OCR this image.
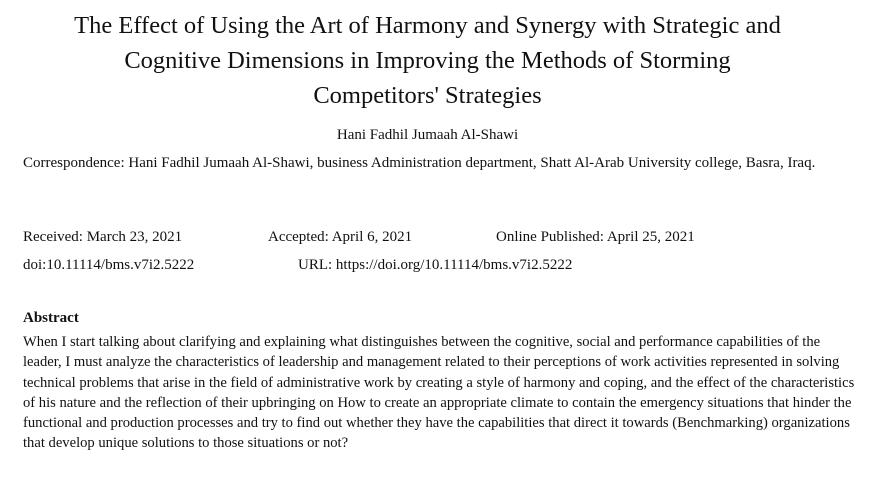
The Effect of Using the Art of Harmony and Synergy with Strategic and
Cognitive Dimensions in Improving the Methods of Storming
Competitors' Strategies
Hani Fadhil Jumaah Al-Shawi
Correspondence: Hani Fadhil Jumaah Al-Shawi, business Administration department, Shatt Al-Arab University college, Basra, Iraq.
Received: March 23, 2021	Accepted: April 6, 2021	Online Published: April 25, 2021
doi:10.11114/bms.v7i2.5222	URL: https://doi.org/10.11114/bms.v7i2.5222
Abstract
When I start talking about clarifying and explaining what distinguishes between the cognitive, social and performance capabilities of the leader, I must analyze the characteristics of leadership and management related to their perceptions of work activities represented in solving technical problems that arise in the field of administrative work by creating a style of harmony and coping, and the effect of the characteristics of his nature and the reflection of their upbringing on How to create an appropriate climate to contain the emergency situations that hinder the functional and production processes and try to find out whether they have the capabilities that direct it towards (Benchmarking) organizations that develop unique solutions to those situations or not?
